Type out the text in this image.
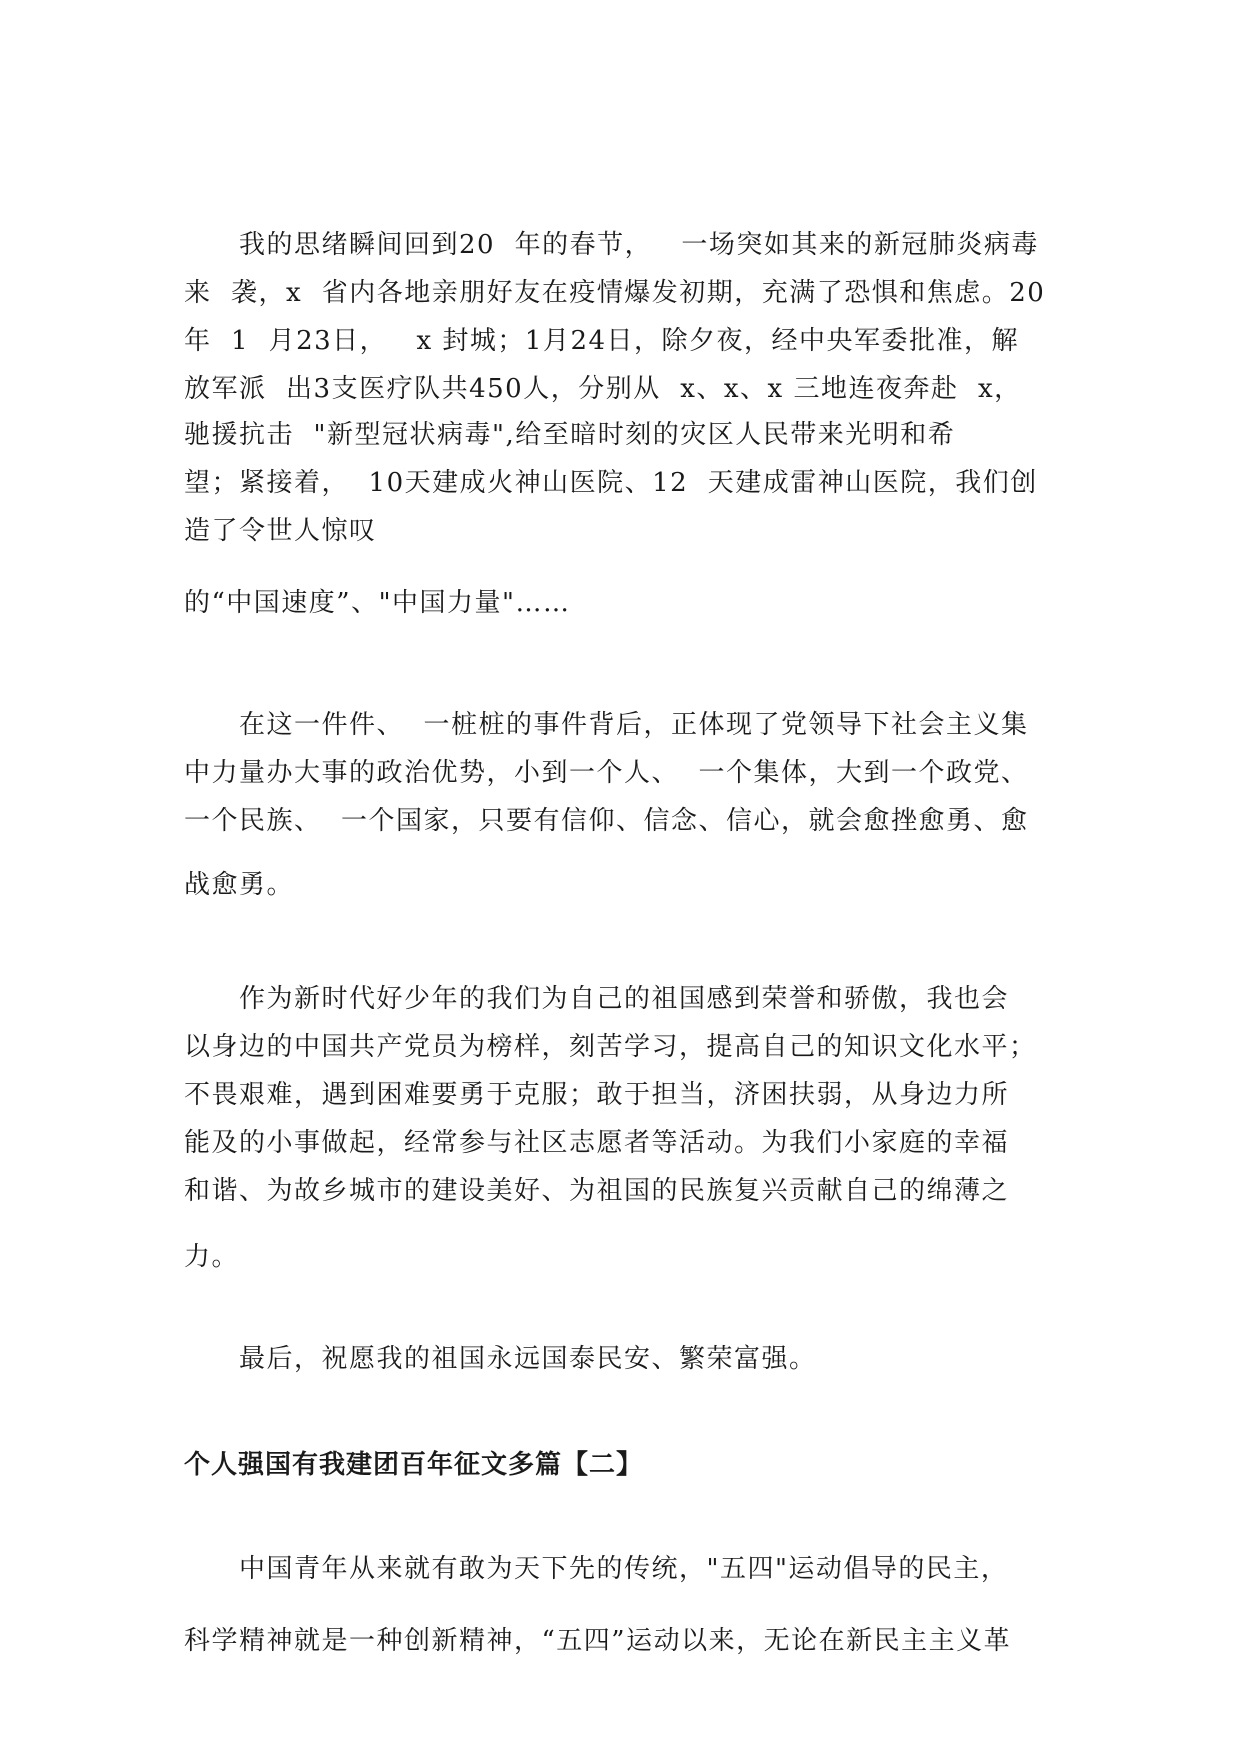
　　我的思绪瞬间回到20  年的春节，   一场突如其来的新冠肺炎病毒
来  袭，x  省内各地亲朋好友在疫情爆发初期，充满了恐惧和焦虑。20
年  1  月23日，   x 封城；1月24日，除夕夜，经中央军委批准，解
放军派  出3支医疗队共450人，分别从  x、x、x 三地连夜奔赴  x，
驰援抗击  "新型冠状病毒",给至暗时刻的灾区人民带来光明和希
望；紧接着，  10天建成火神山医院、12  天建成雷神山医院，我们创
造了令世人惊叹
的“中国速度”、"中国力量"……
　　在这一件件、  一桩桩的事件背后，正体现了党领导下社会主义集
中力量办大事的政治优势，小到一个人、  一个集体，大到一个政党、
一个民族、  一个国家，只要有信仰、信念、信心，就会愈挫愈勇、愈
战愈勇。
　　作为新时代好少年的我们为自己的祖国感到荣誉和骄傲，我也会
以身边的中国共产党员为榜样，刻苦学习，提高自己的知识文化水平；
不畏艰难，遇到困难要勇于克服；敢于担当，济困扶弱，从身边力所
能及的小事做起，经常参与社区志愿者等活动。为我们小家庭的幸福
和谐、为故乡城市的建设美好、为祖国的民族复兴贡献自己的绵薄之
力。
　　最后，祝愿我的祖国永远国泰民安、繁荣富强。
个人强国有我建团百年征文多篇【二】
　　中国青年从来就有敢为天下先的传统，"五四"运动倡导的民主，
科学精神就是一种创新精神，“五四”运动以来，无论在新民主主义革
